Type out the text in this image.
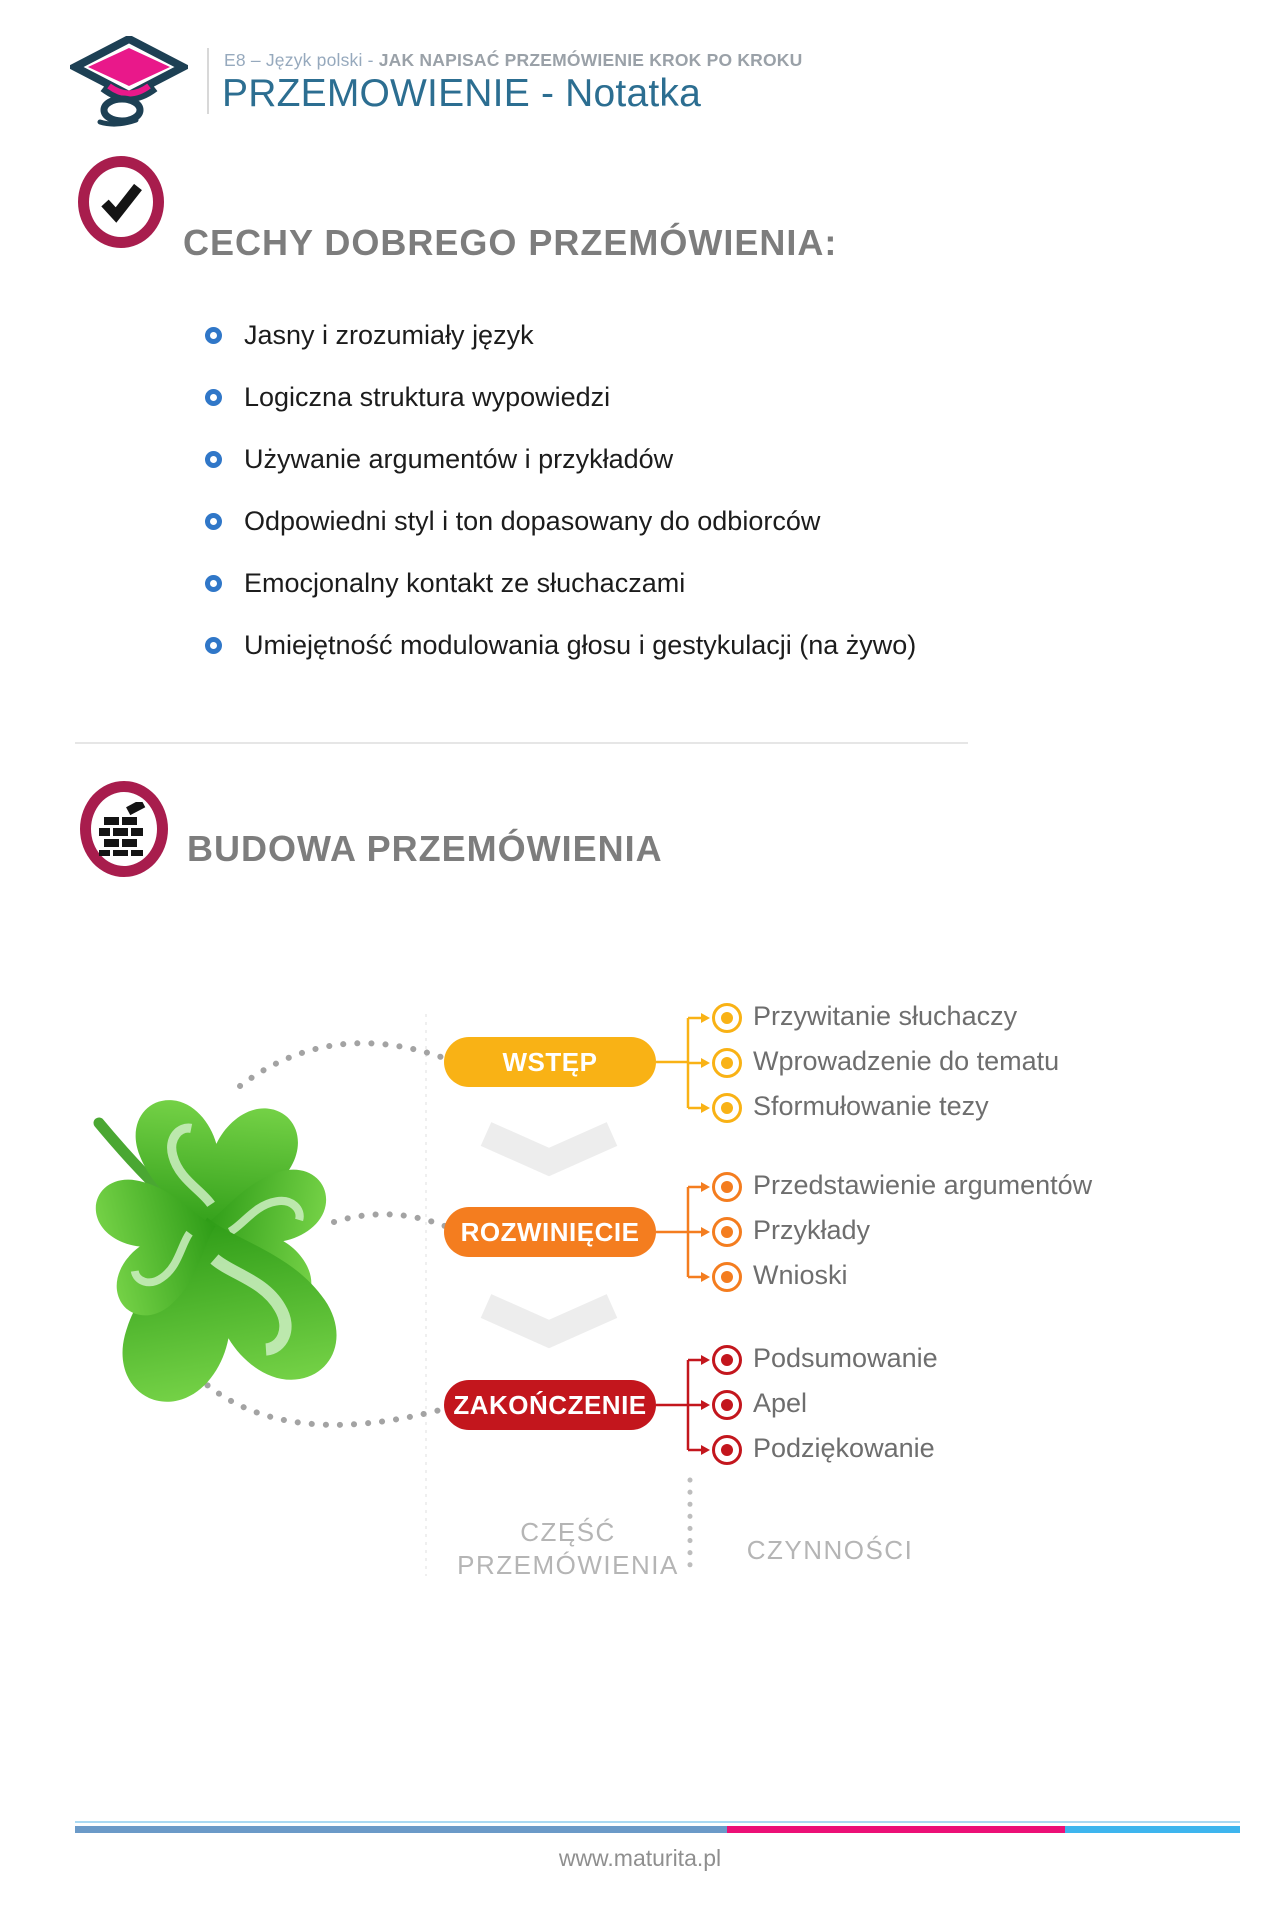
E8 – Język polski - JAK NAPISAĆ PRZEMÓWIENIE KROK PO KROKU
PRZEMOWIENIE - Notatka
CECHY DOBREGO PRZEMÓWIENIA:
Jasny i zrozumiały język
Logiczna struktura wypowiedzi
Używanie argumentów i przykładów
Odpowiedni styl i ton dopasowany do odbiorców
Emocjonalny kontakt ze słuchaczami
Umiejętność modulowania głosu i gestykulacji (na żywo)
BUDOWA PRZEMÓWIENIA
WSTĘP
Przywitanie słuchaczy
Wprowadzenie do tematu
Sformułowanie tezy
ROZWINIĘCIE
Przedstawienie argumentów
Przykłady
Wnioski
ZAKOŃCZENIE
Podsumowanie
Apel
Podziękowanie
CZĘŚĆ PRZEMÓWIENIA	CZYNNOŚCI
www.maturita.pl
